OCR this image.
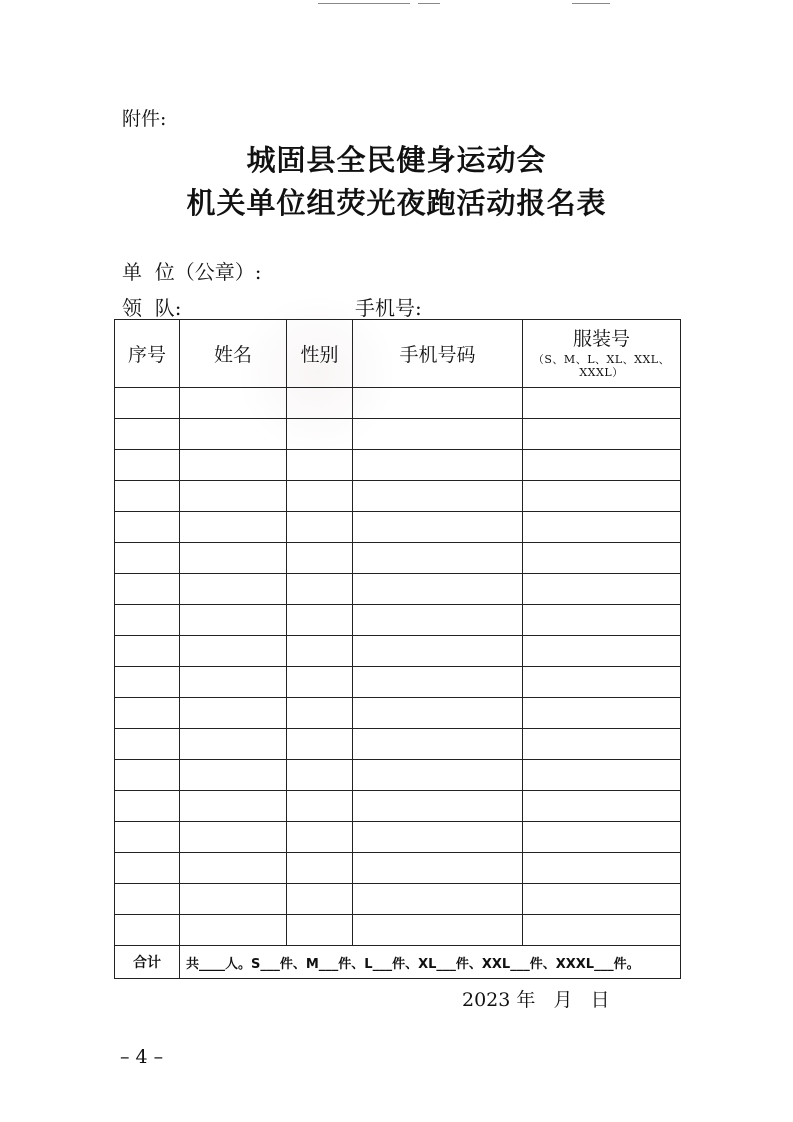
附件:
城固县全民健身运动会
机关单位组荧光夜跑活动报名表
单  位（公章）:
领  队:	手机号:
序号	姓名	性别	手机号码	服装号
（S、M、L、XL、XXL、XXXL）

合计	共____人。S___件、M___件、L___件、XL___件、XXL___件、XXXL___件。			
2023 年   月   日
– 4 –
